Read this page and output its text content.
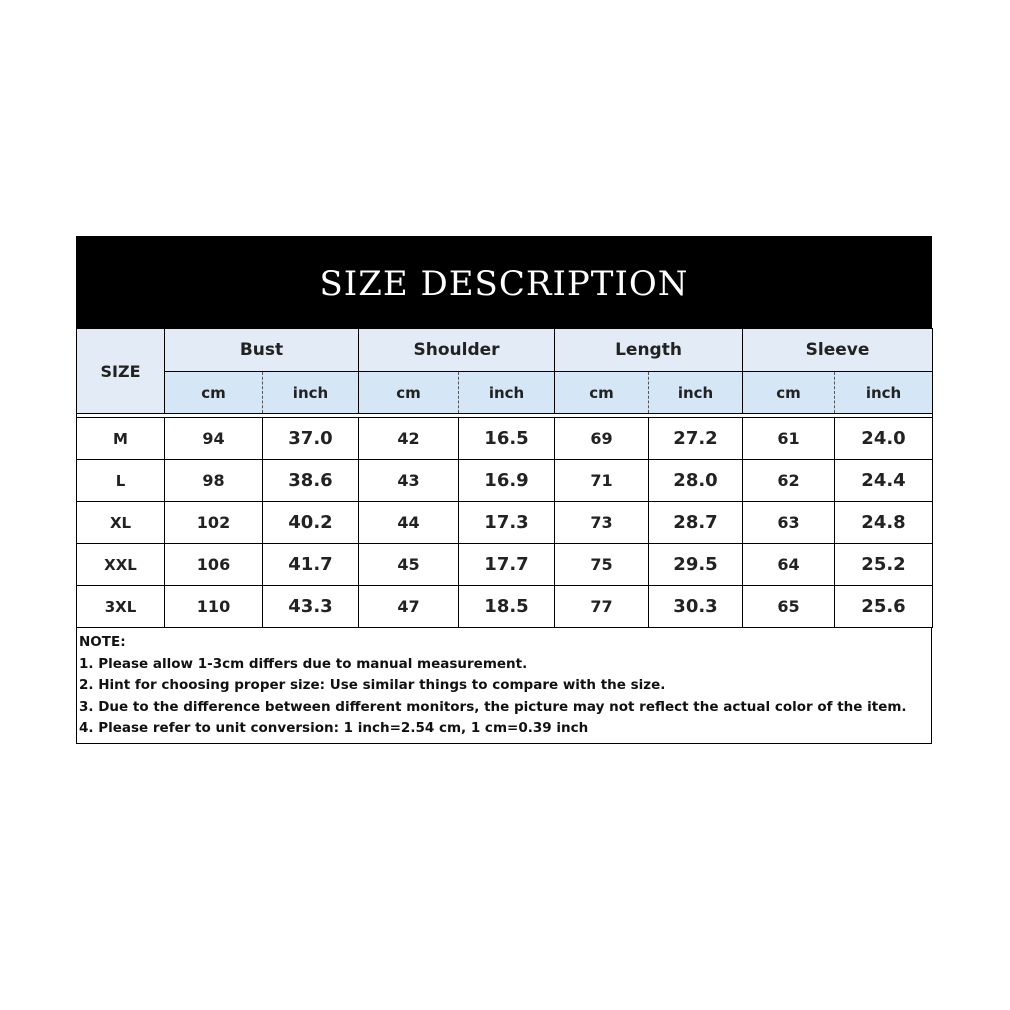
SIZE DESCRIPTION
SIZE	Bust		Shoulder		Length		Sleeve	
	cm	inch	cm	inch	cm	inch	cm	inch

M	94	37.0	42	16.5	69	27.2	61	24.0
L	98	38.6	43	16.9	71	28.0	62	24.4
XL	102	40.2	44	17.3	73	28.7	63	24.8
XXL	106	41.7	45	17.7	75	29.5	64	25.2
3XL	110	43.3	47	18.5	77	30.3	65	25.6
NOTE:
1. Please allow 1-3cm differs due to manual measurement.
2. Hint for choosing proper size: Use similar things to compare with the size.
3. Due to the difference between different monitors, the picture may not reflect the actual color of the item.
4. Please refer to unit conversion: 1 inch=2.54 cm, 1 cm=0.39 inch
